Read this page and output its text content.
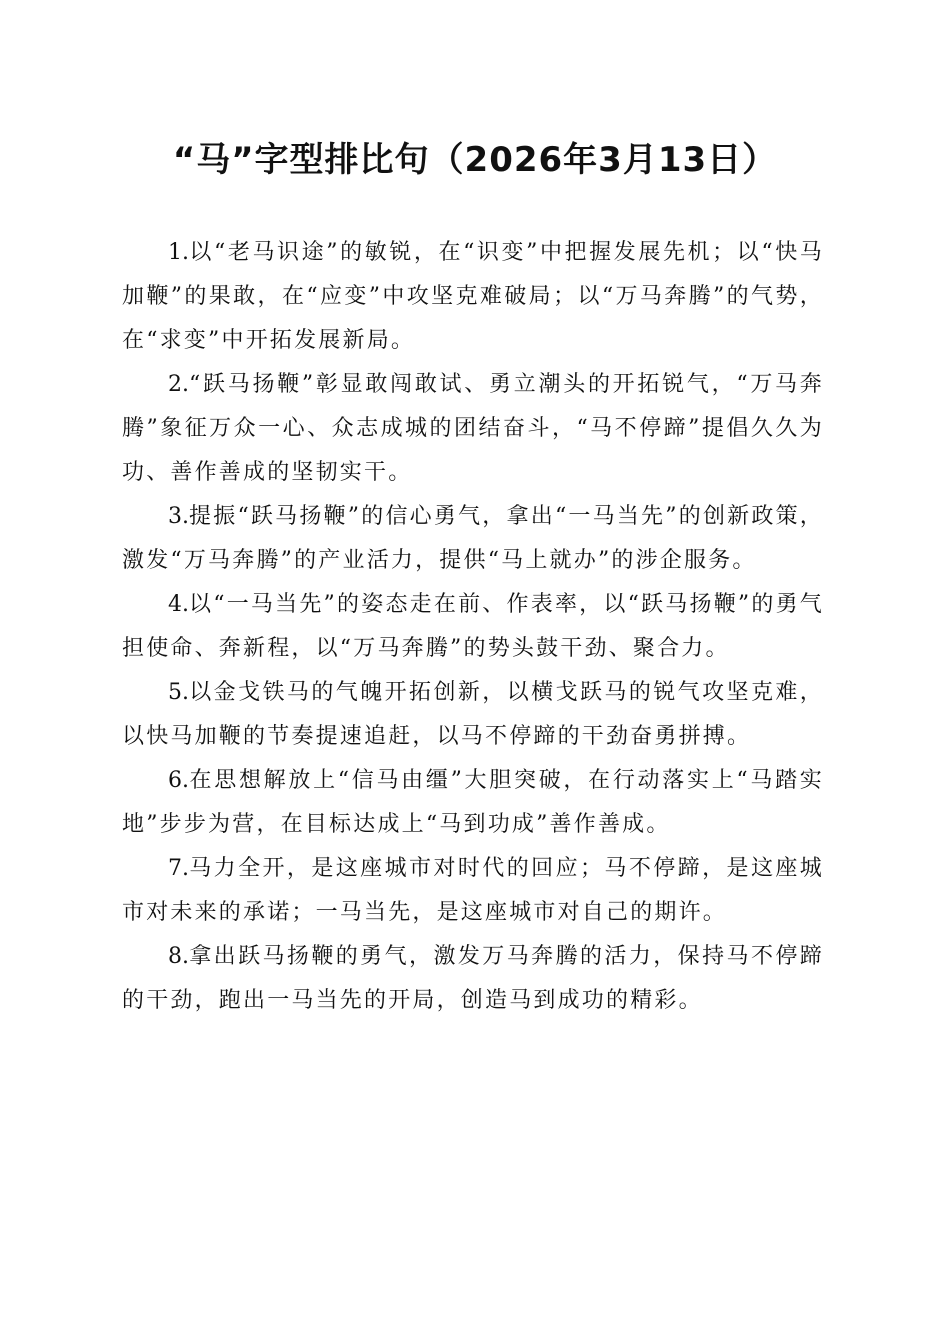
“马”字型排比句（2026年3月13日）

1.以“老马识途”的敏锐，在“识变”中把握发展先机；以“快马加鞭”的果敢，在“应变”中攻坚克难破局；以“万马奔腾”的气势，在“求变”中开拓发展新局。

2.“跃马扬鞭”彰显敢闯敢试、勇立潮头的开拓锐气，“万马奔腾”象征万众一心、众志成城的团结奋斗，“马不停蹄”提倡久久为功、善作善成的坚韧实干。

3.提振“跃马扬鞭”的信心勇气，拿出“一马当先”的创新政策，激发“万马奔腾”的产业活力，提供“马上就办”的涉企服务。

4.以“一马当先”的姿态走在前、作表率，以“跃马扬鞭”的勇气担使命、奔新程，以“万马奔腾”的势头鼓干劲、聚合力。

5.以金戈铁马的气魄开拓创新，以横戈跃马的锐气攻坚克难，以快马加鞭的节奏提速追赶，以马不停蹄的干劲奋勇拼搏。

6.在思想解放上“信马由缰”大胆突破，在行动落实上“马踏实地”步步为营，在目标达成上“马到功成”善作善成。

7.马力全开，是这座城市对时代的回应；马不停蹄，是这座城市对未来的承诺；一马当先，是这座城市对自己的期许。

8.拿出跃马扬鞭的勇气，激发万马奔腾的活力，保持马不停蹄的干劲，跑出一马当先的开局，创造马到成功的精彩。
